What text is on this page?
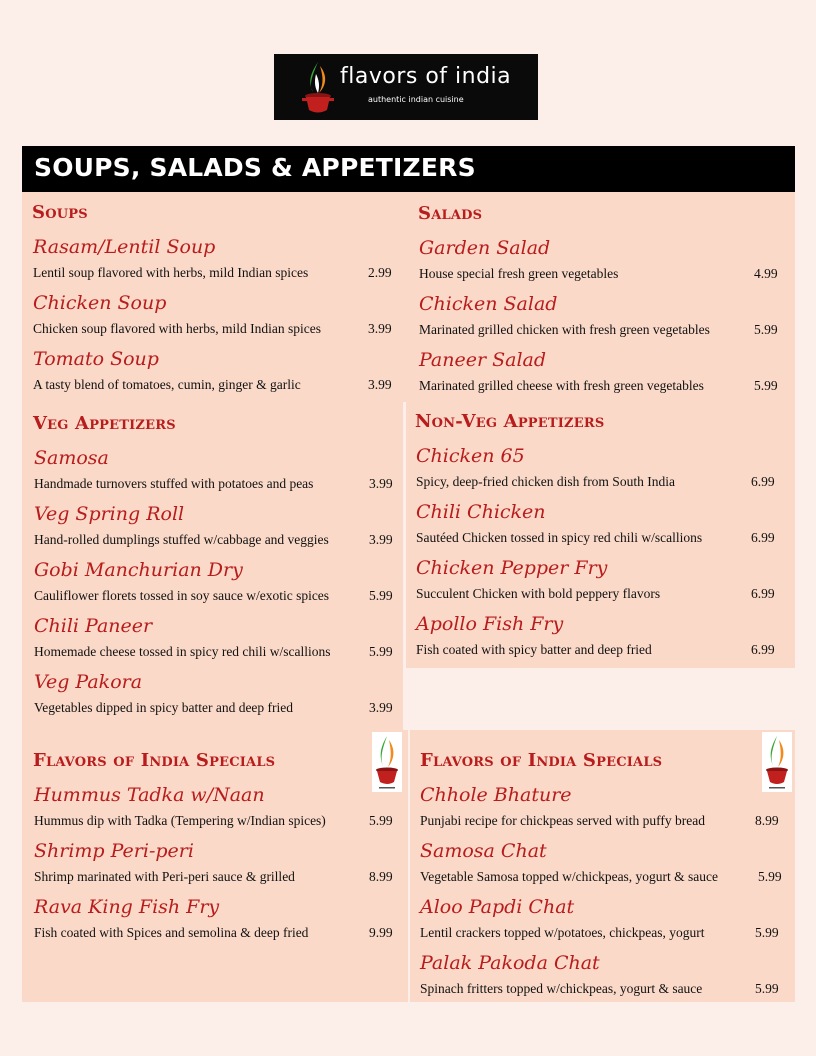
flavors of india
authentic indian cuisine
SOUPS, SALADS & APPETIZERS
Soups
Rasam/Lentil Soup
Lentil soup flavored with herbs, mild Indian spices	2.99
Chicken Soup
Chicken soup flavored with herbs, mild Indian spices	3.99
Tomato Soup
A tasty blend of tomatoes, cumin, ginger & garlic	3.99
Salads
Garden Salad
House special fresh green vegetables	4.99
Chicken Salad
Marinated grilled chicken with fresh green vegetables	5.99
Paneer Salad
Marinated grilled cheese with fresh green vegetables	5.99
Veg Appetizers
Samosa
Handmade turnovers stuffed with potatoes and peas	3.99
Veg Spring Roll
Hand-rolled dumplings stuffed w/cabbage and veggies	3.99
Gobi Manchurian Dry
Cauliflower florets tossed in soy sauce w/exotic spices	5.99
Chili Paneer
Homemade cheese tossed in spicy red chili w/scallions	5.99
Veg Pakora
Vegetables dipped in spicy batter and deep fried	3.99
Non-Veg Appetizers
Chicken 65
Spicy, deep-fried chicken dish from South India	6.99
Chili Chicken
Sautéed Chicken tossed in spicy red chili w/scallions	6.99
Chicken Pepper Fry
Succulent Chicken with bold peppery flavors	6.99
Apollo Fish Fry
Fish coated with spicy batter and deep fried	6.99
Flavors of India Specials
Hummus Tadka w/Naan
Hummus dip with Tadka (Tempering w/Indian spices)	5.99
Shrimp Peri-peri
Shrimp marinated with Peri-peri sauce & grilled	8.99
Rava King Fish Fry
Fish coated with Spices and semolina & deep fried	9.99
Flavors of India Specials
Chhole Bhature
Punjabi recipe for chickpeas served with puffy bread	8.99
Samosa Chat
Vegetable Samosa topped w/chickpeas, yogurt & sauce	5.99
Aloo Papdi Chat
Lentil crackers topped w/potatoes, chickpeas, yogurt	5.99
Palak Pakoda Chat
Spinach fritters topped w/chickpeas, yogurt & sauce	5.99
